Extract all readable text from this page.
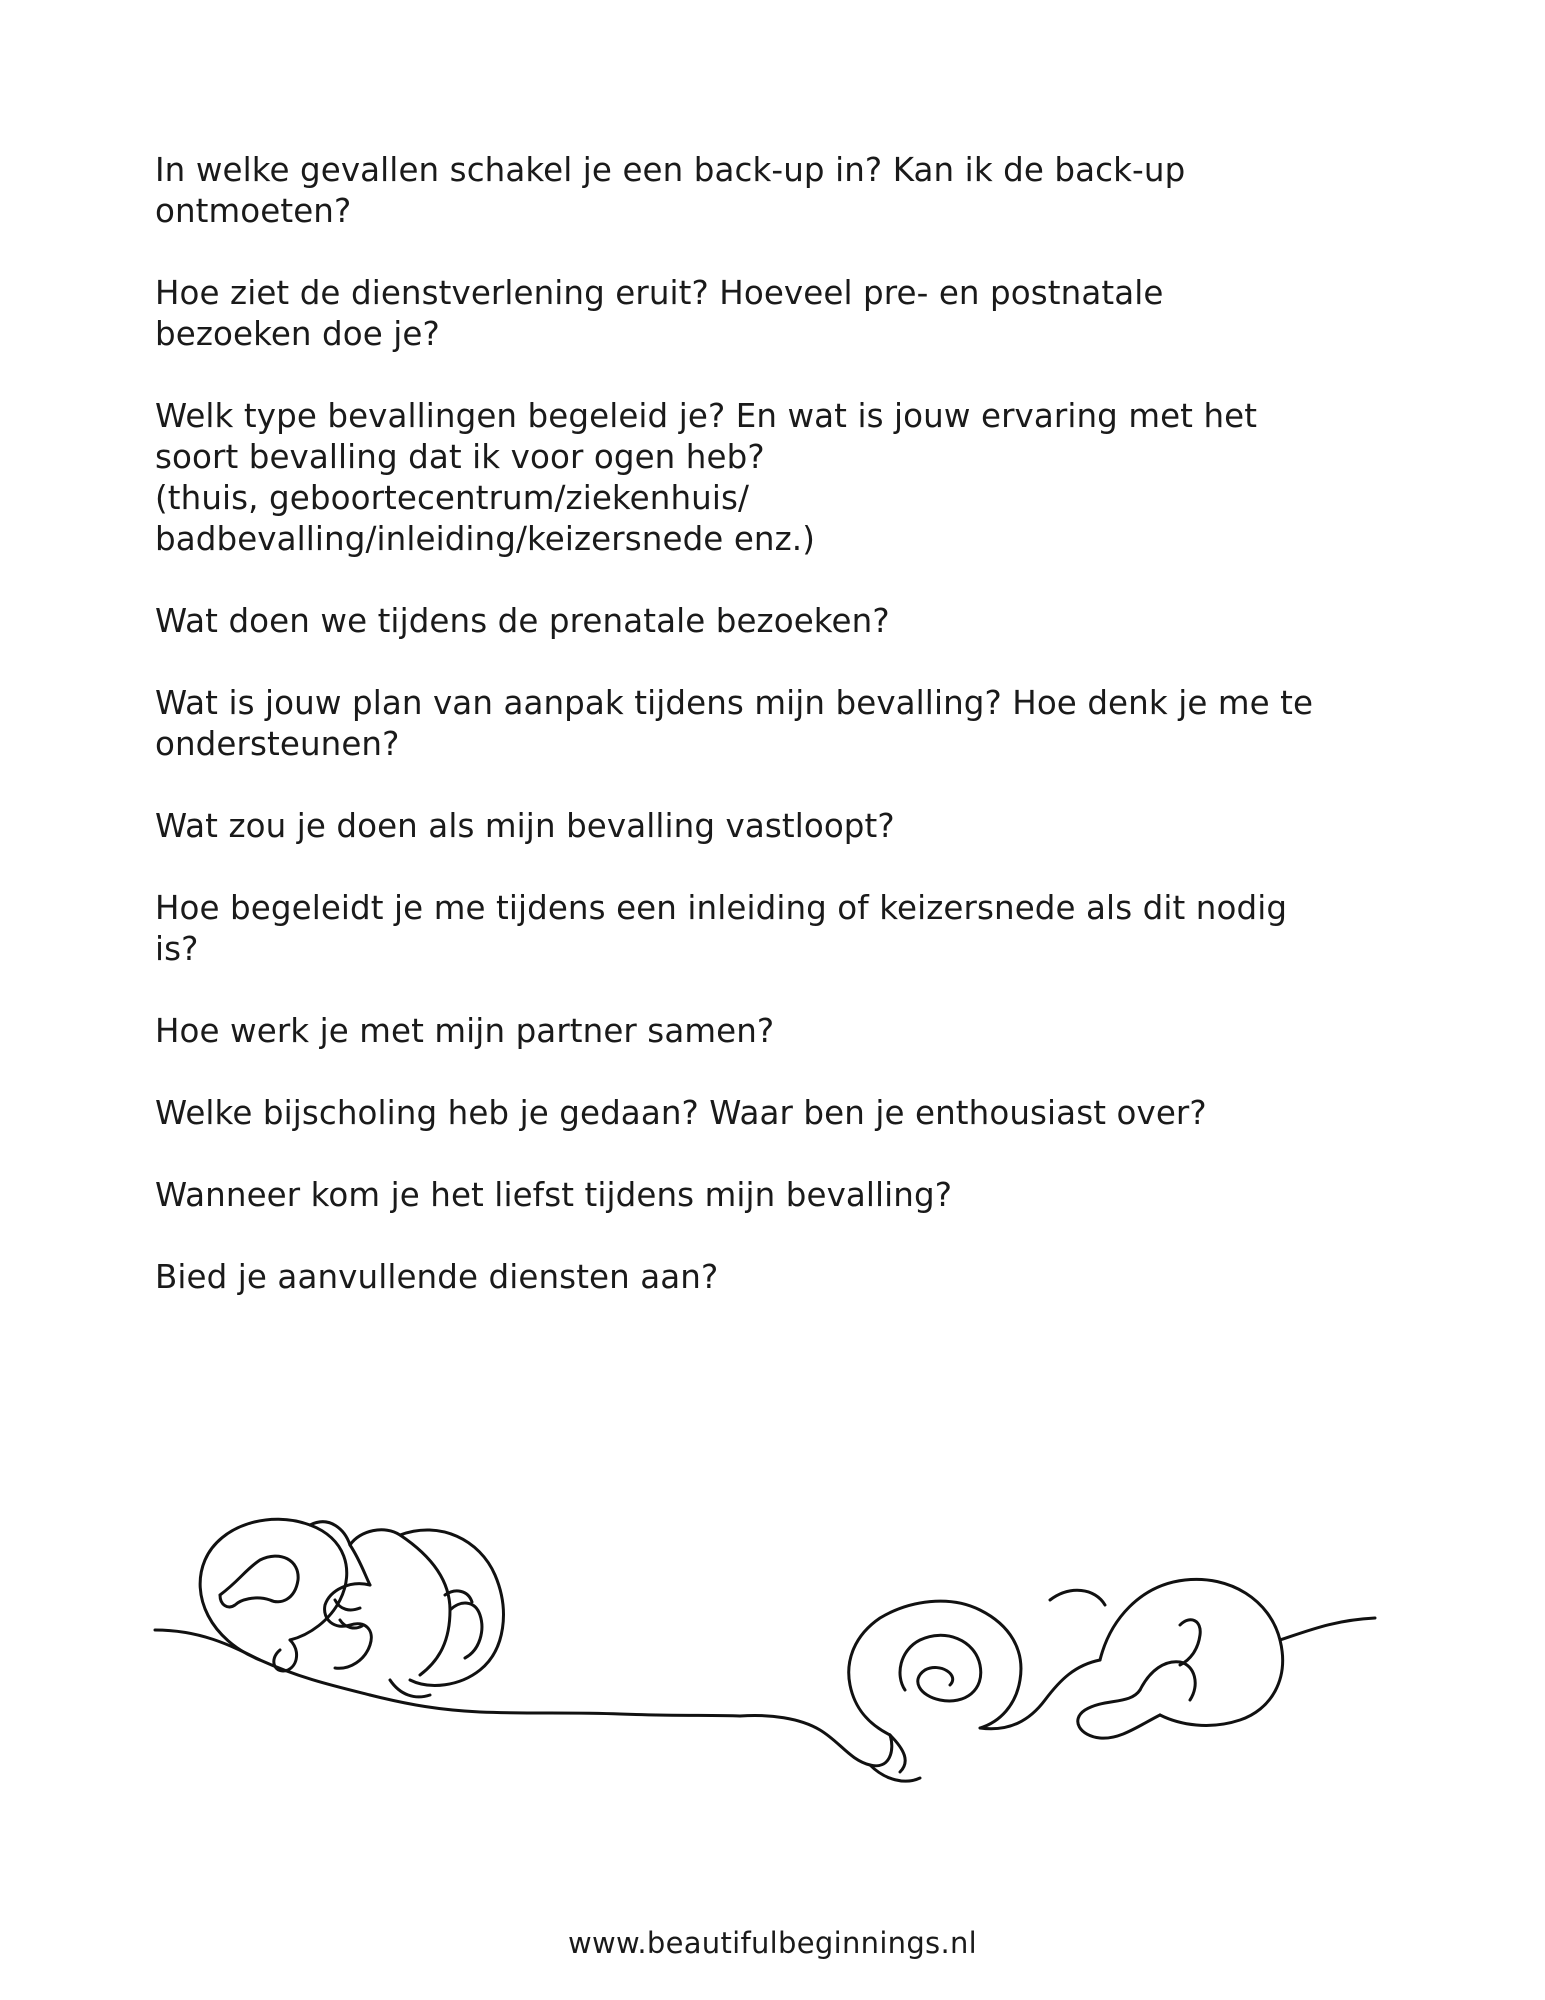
In welke gevallen schakel je een back-up in? Kan ik de back-up
ontmoeten?

Hoe ziet de dienstverlening eruit? Hoeveel pre- en postnatale
bezoeken doe je?

Welk type bevallingen begeleid je? En wat is jouw ervaring met het
soort bevalling dat ik voor ogen heb?
(thuis, geboortecentrum/ziekenhuis/
badbevalling/inleiding/keizersnede enz.)

Wat doen we tijdens de prenatale bezoeken?

Wat is jouw plan van aanpak tijdens mijn bevalling? Hoe denk je me te
ondersteunen?

Wat zou je doen als mijn bevalling vastloopt?

Hoe begeleidt je me tijdens een inleiding of keizersnede als dit nodig
is?

Hoe werk je met mijn partner samen?

Welke bijscholing heb je gedaan? Waar ben je enthousiast over?

Wanneer kom je het liefst tijdens mijn bevalling?

Bied je aanvullende diensten aan?

www.beautifulbeginnings.nl
